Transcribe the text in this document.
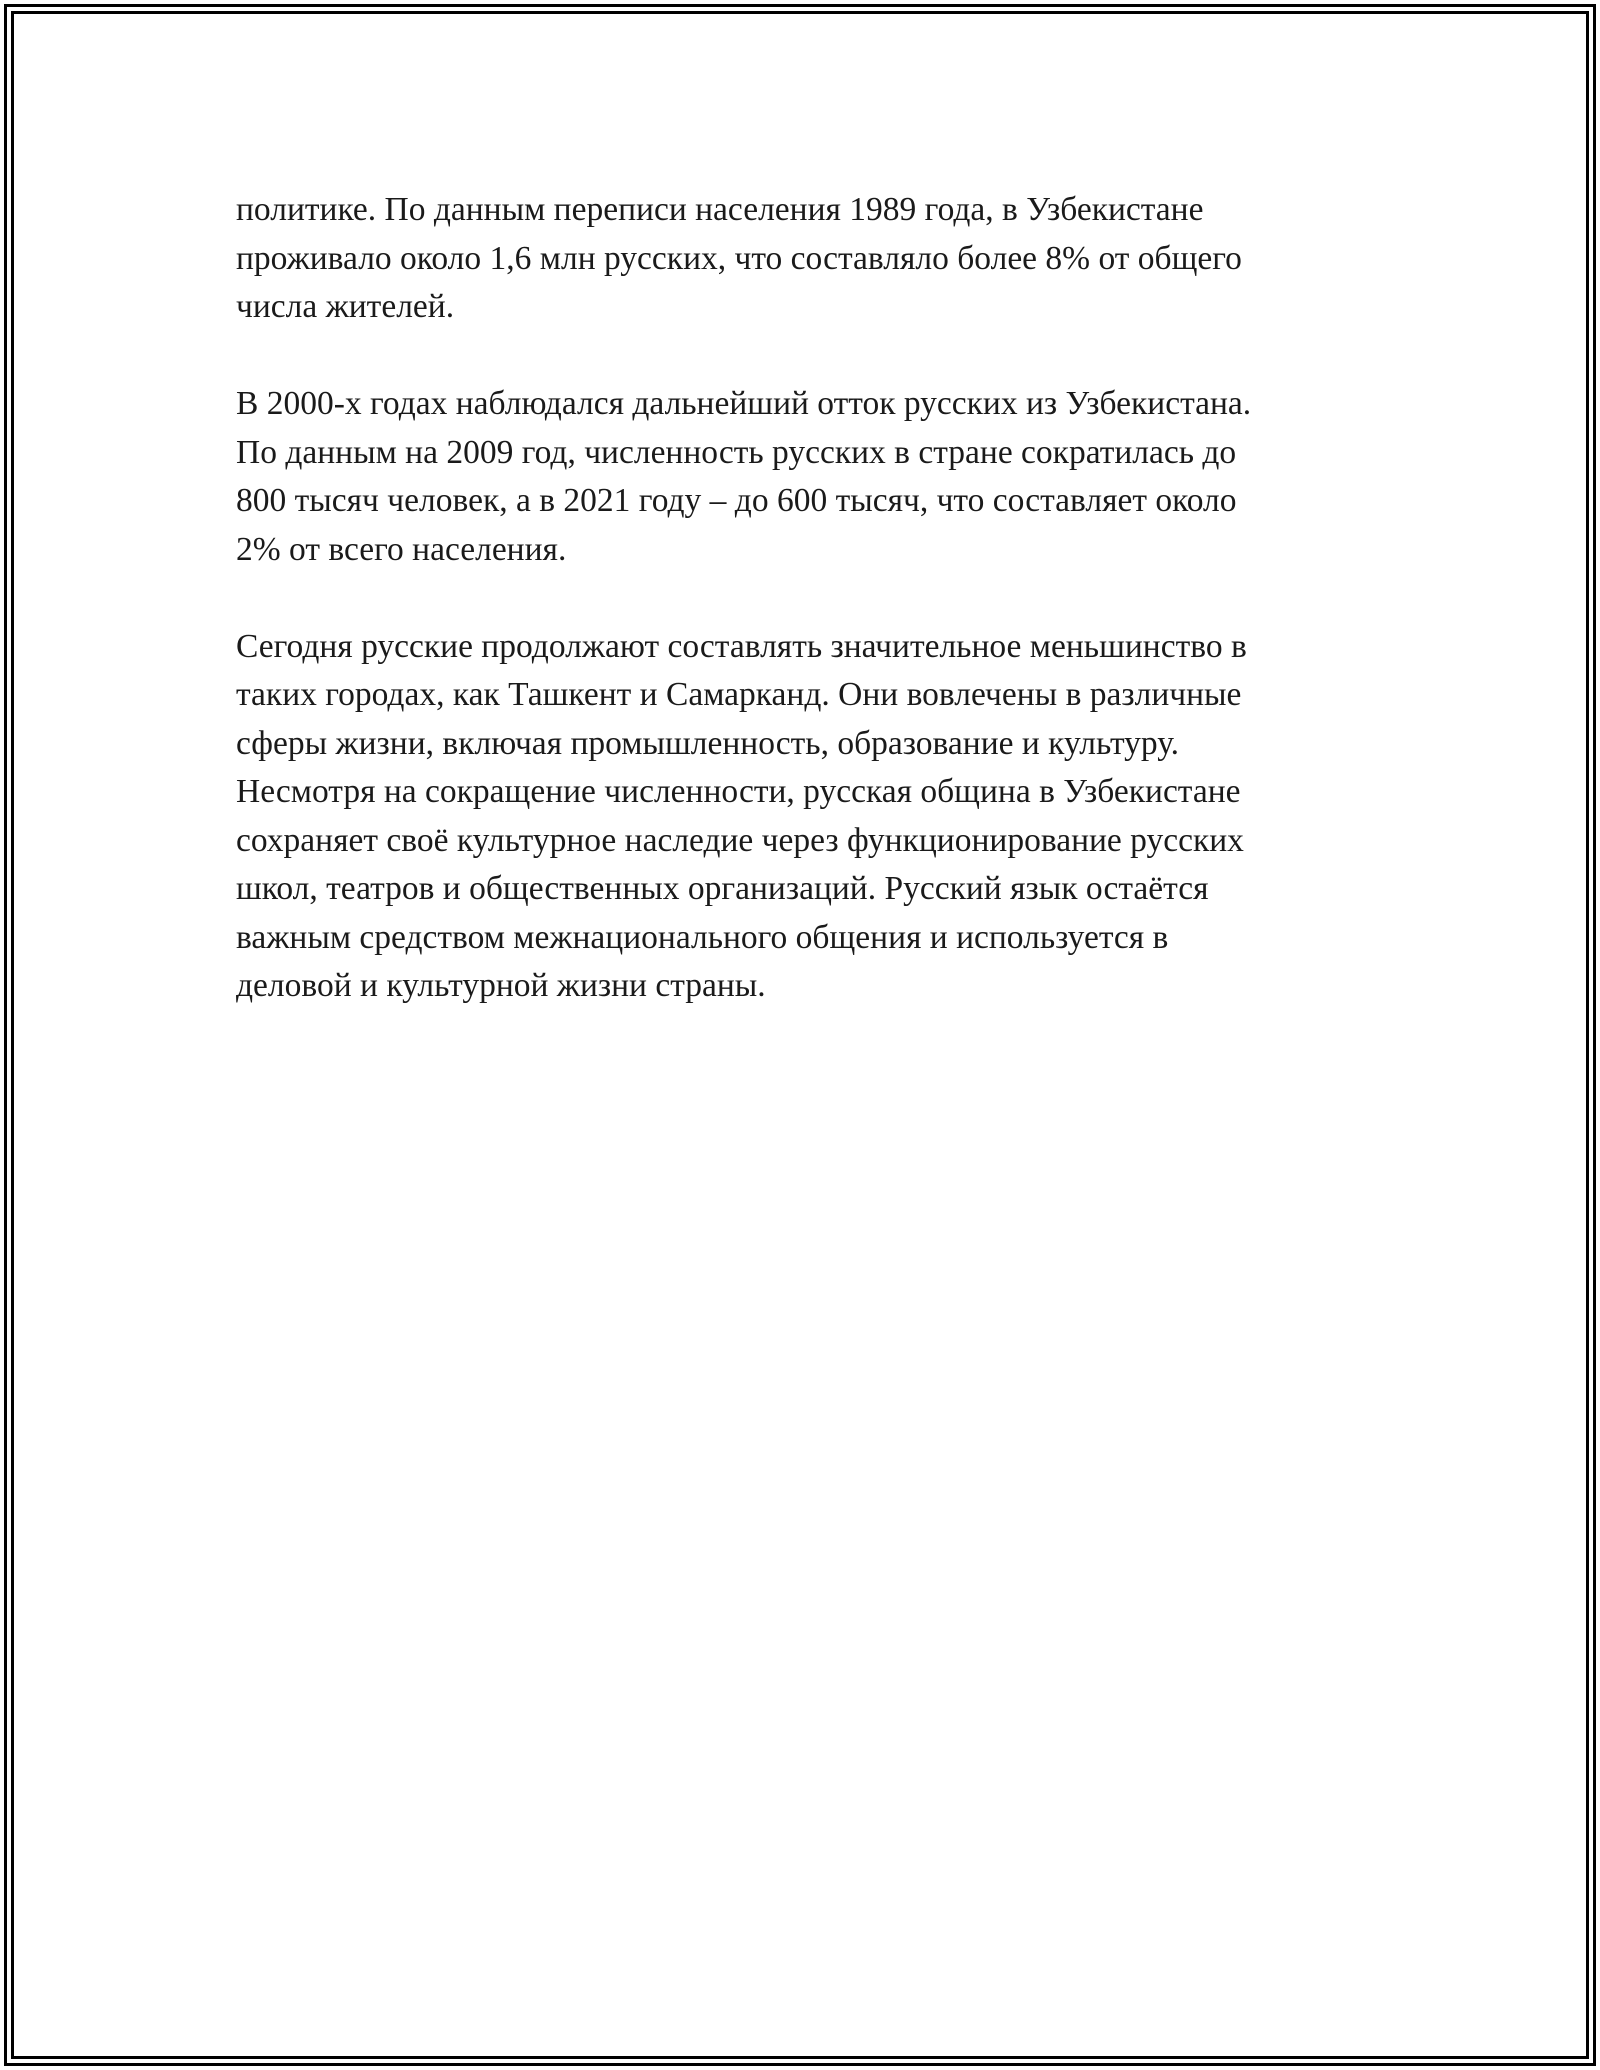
политике. По данным переписи населения 1989 года, в Узбекистане
проживало около 1,6 млн русских, что составляло более 8% от общего
числа жителей.

В 2000-х годах наблюдался дальнейший отток русских из Узбекистана.
По данным на 2009 год, численность русских в стране сократилась до
800 тысяч человек, а в 2021 году – до 600 тысяч, что составляет около
2% от всего населения.

Сегодня русские продолжают составлять значительное меньшинство в
таких городах, как Ташкент и Самарканд. Они вовлечены в различные
сферы жизни, включая промышленность, образование и культуру.
Несмотря на сокращение численности, русская община в Узбекистане
сохраняет своё культурное наследие через функционирование русских
школ, театров и общественных организаций. Русский язык остаётся
важным средством межнационального общения и используется в
деловой и культурной жизни страны.
